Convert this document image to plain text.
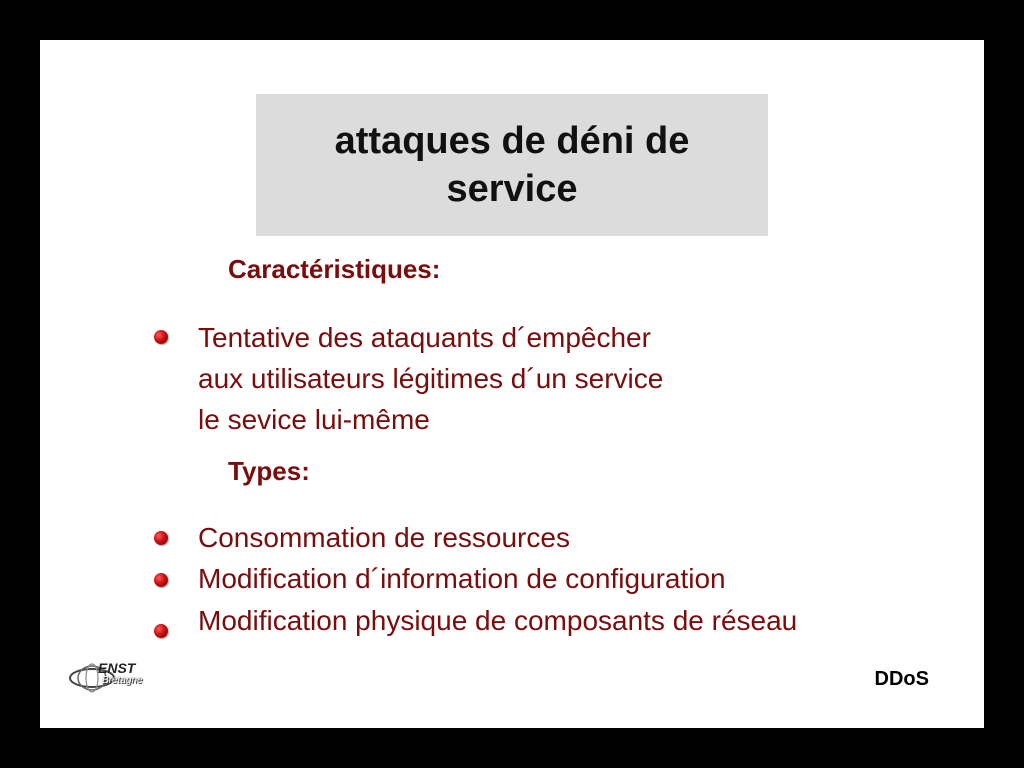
attaques de déni de service
Caractéristiques:
Tentative des ataquants d´empêcher
aux utilisateurs légitimes d´un service
le sevice lui-même
Types:
Consommation de ressources
Modification d´information de configuration
Modification physique de composants de réseau
ENST
Bretagne	DDoS
